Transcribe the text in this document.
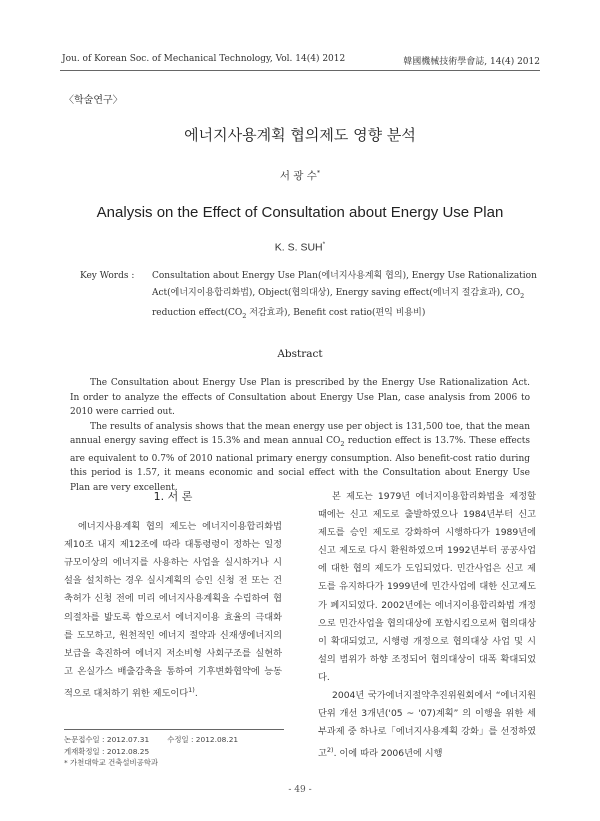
Jou. of Korean Soc. of Mechanical Technology, Vol. 14(4) 2012	韓國機械技術學會誌, 14(4) 2012
〈학술연구〉
에너지사용계획 협의제도 영향 분석
서 광 수*
Analysis on the Effect of Consultation about Energy Use Plan
K. S. SUH*
Key Words : Consultation about Energy Use Plan(에너지사용계획 협의), Energy Use Rationalization Act(에너지이용합리화법), Object(협의대상), Energy saving effect(에너지 절감효과), $CO_2$ reduction $effect(CO_2$ 저감효과), Benefit cost ratio(편익 비용비)
Abstract

The Consultation about Energy Use Plan is prescribed by the Energy Use Rationalization Act. In order to analyze the effects of Consultation about Energy Use Plan, case analysis from 2006 to 2010 were carried out.

The results of analysis shows that the mean energy use per object is 131,500 toe, that the mean annual energy saving effect is 15.3% and mean annual $CO_2$ reduction effect is 13.7%. These effects are equivalent to 0.7% of 2010 national primary energy consumption. Also benefit-cost ratio during this period is 1.57, it means economic and social effect with the Consultation about Energy Use Plan are very excellent.

1. 서 론

에너지사용계획 협의 제도는 에너지이용합리화법 제10조 내지 제12조에 따라 대통령령이 정하는 일정 규모이상의 에너지를 사용하는 사업을 실시하거나 시설을 설치하는 경우 실시계획의 승인 신청 전 또는 건축허가 신청 전에 미리 에너지사용계획을 수립하여 협의절차를 밟도록 함으로서 에너지이용 효율의 극대화를 도모하고, 원천적인 에너지 절약과 신재생에너지의 보급을 촉진하여 에너지 저소비형 사회구조를 실현하고 온실가스 배출감축을 통하여 기후변화협약에 능동적으로 대처하기 위한 제도이다$^{1)}$.

본 제도는 1979년 에너지이용합리화법을 제정할 때에는 신고 제도로 출발하였으나 1984년부터 신고 제도를 승인 제도로 강화하여 시행하다가 1989년에 신고 제도로 다시 환원하였으며 1992년부터 공공사업에 대한 협의 제도가 도입되었다. 민간사업은 신고 제도를 유지하다가 1999년에 민간사업에 대한 신고제도가 폐지되었다. 2002년에는 에너지이용합리화법 개정으로 민간사업을 협의대상에 포함시킴으로써 협의대상이 확대되었고, 시행령 개정으로 협의대상 사업 및 시설의 범위가 하향 조정되어 협의대상이 대폭 확대되었다.

2004년 국가에너지절약추진위원회에서 “에너지원단위 개선 3개년('05 ~ '07)계획” 의 이행을 위한 세부과제 중 하나로「에너지사용계획 강화」를 선정하였고$^{2)}$. 이에 따라 2006년에 시행

논문접수일 : 2012.07.31 수정일 : 2012.08.21
게재확정일 : 2012.08.25
* 가천대학교 건축설비공학과
- 49 -
